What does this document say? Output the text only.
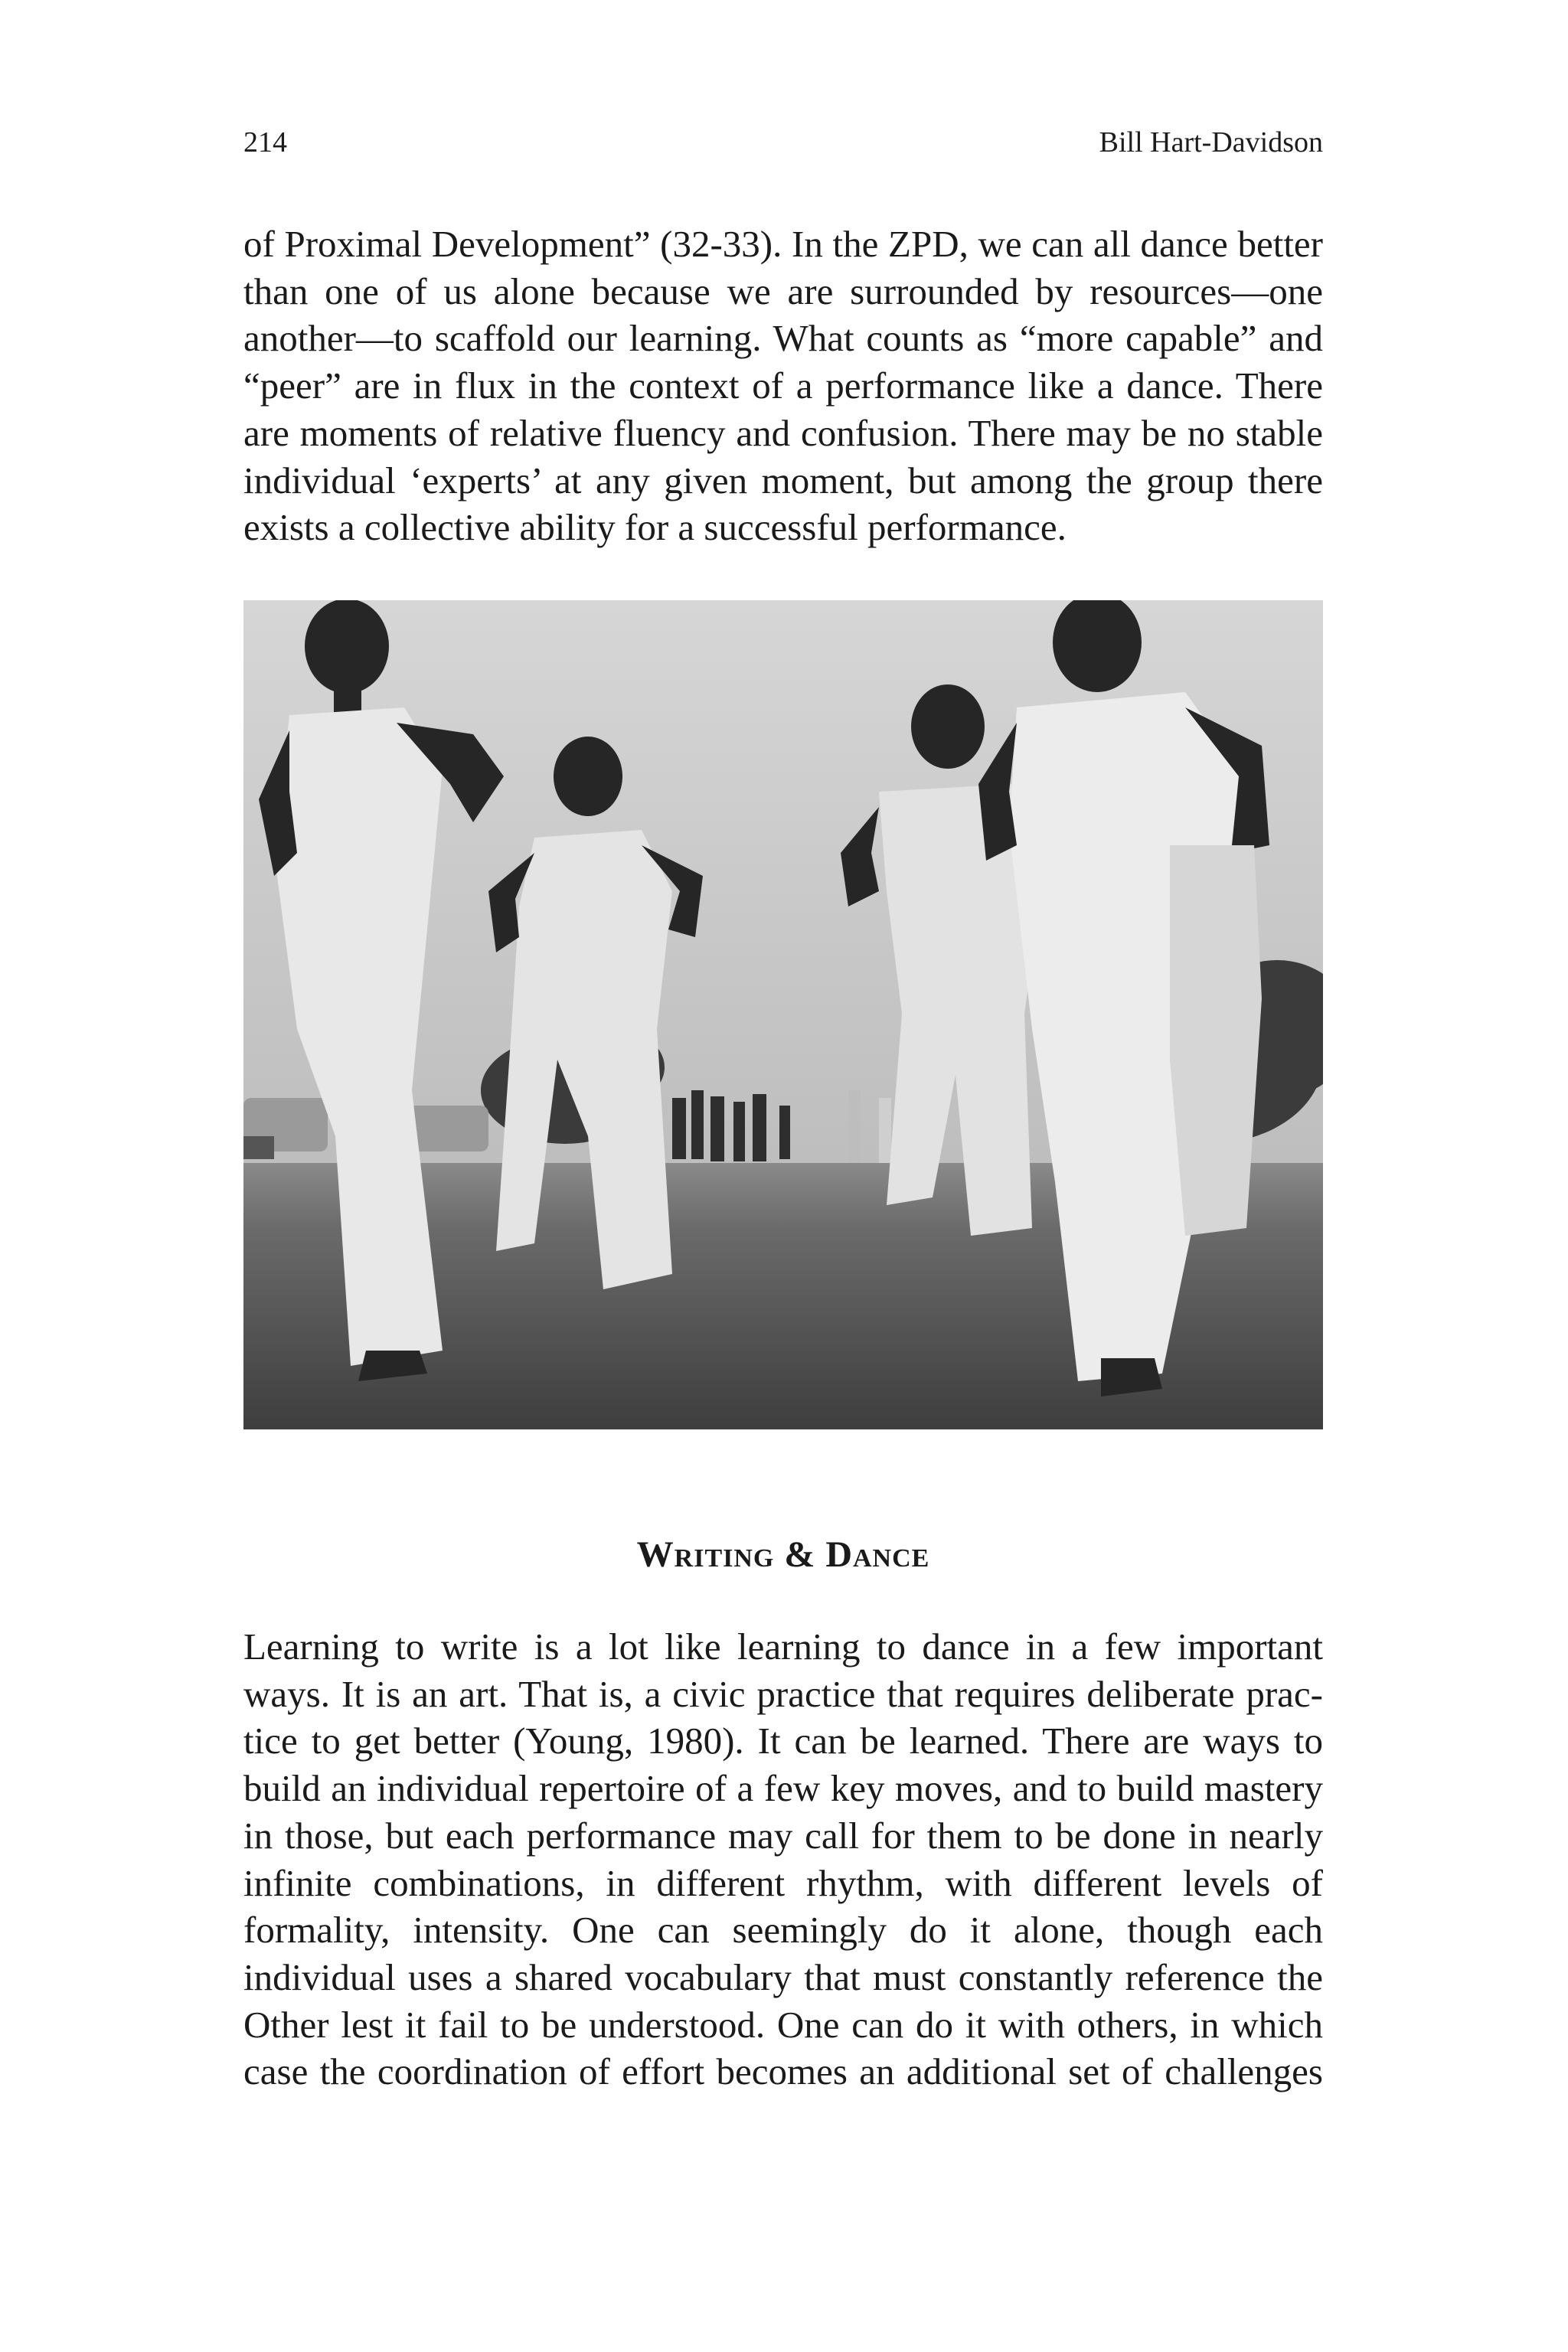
214	Bill Hart-Davidson

of Proximal Development” (32-33). In the ZPD, we can all dance better than one of us alone because we are surrounded by resources—one another—to scaffold our learning. What counts as “more capable” and “peer” are in flux in the context of a performance like a dance. There are moments of relative fluency and confusion. There may be no stable individual ‘experts’ at any given moment, but among the group there exists a collective ability for a successful performance.

Writing & Dance

Learning to write is a lot like learning to dance in a few important ways. It is an art. That is, a civic practice that requires deliberate practice to get better (Young, 1980). It can be learned. There are ways to build an individual repertoire of a few key moves, and to build mastery in those, but each performance may call for them to be done in nearly infinite combinations, in different rhythm, with different levels of formality, intensity. One can seemingly do it alone, though each individual uses a shared vocabulary that must constantly reference the Other lest it fail to be understood. One can do it with others, in which case the coordination of effort becomes an additional set of challenges
